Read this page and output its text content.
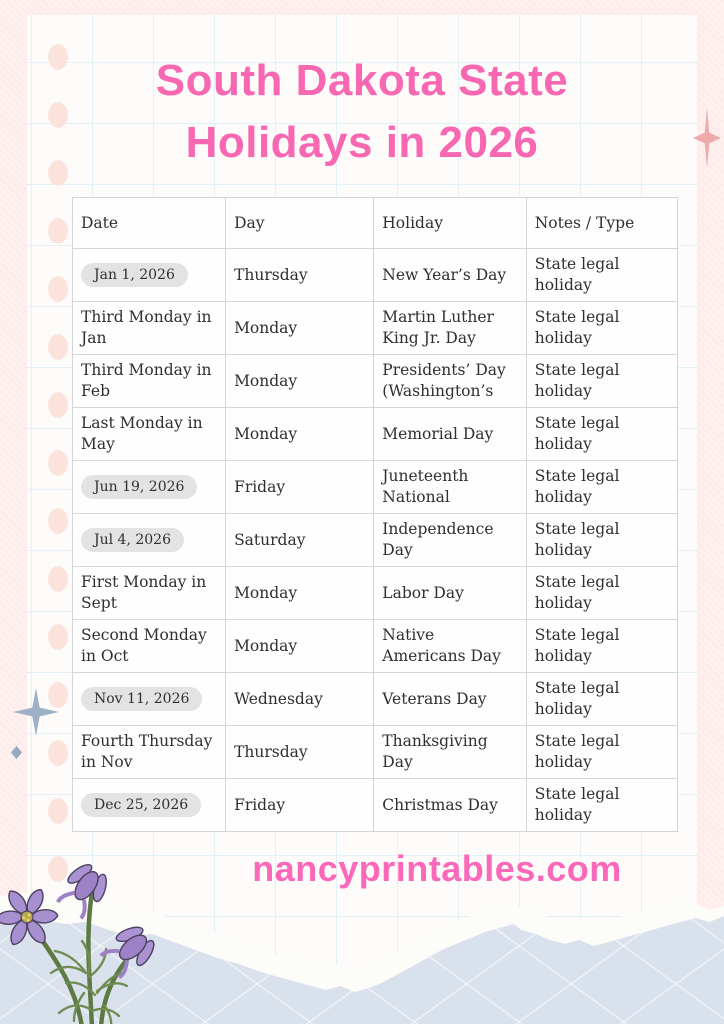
South Dakota State
Holidays in 2026
Date	Day	Holiday	Notes / Type
Jan 1, 2026	Thursday	New Year’s Day	State legal holiday
Third Monday in Jan	Monday	Martin Luther King Jr. Day	State legal holiday
Third Monday in Feb	Monday	Presidents’ Day (Washington’s	State legal holiday
Last Monday in May	Monday	Memorial Day	State legal holiday
Jun 19, 2026	Friday	Juneteenth National	State legal holiday
Jul 4, 2026	Saturday	Independence Day	State legal holiday
First Monday in Sept	Monday	Labor Day	State legal holiday
Second Monday in Oct	Monday	Native Americans Day	State legal holiday
Nov 11, 2026	Wednesday	Veterans Day	State legal holiday
Fourth Thursday in Nov	Thursday	Thanksgiving Day	State legal holiday
Dec 25, 2026	Friday	Christmas Day	State legal holiday
nancyprintables.com
